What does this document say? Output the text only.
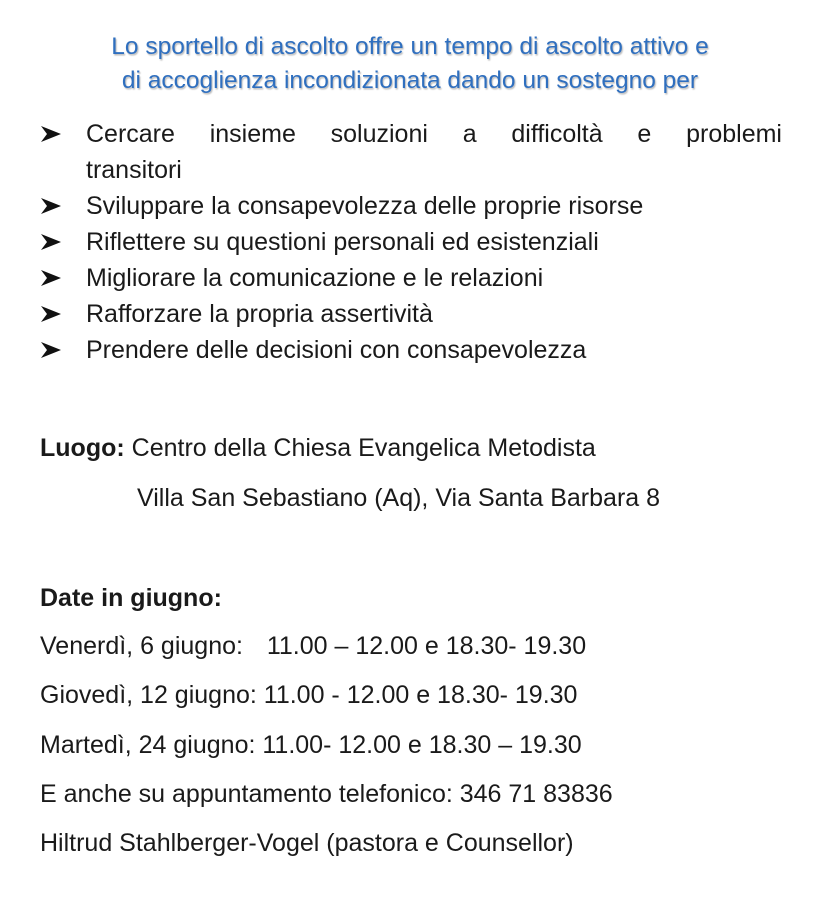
Lo sportello di ascolto offre un tempo di ascolto attivo e
di accoglienza incondizionata dando un sostegno per
Cercare insieme soluzioni a difficoltà e problemi
transitori
Sviluppare la consapevolezza delle proprie risorse
Riflettere su questioni personali ed esistenziali
Migliorare la comunicazione e le relazioni
Rafforzare la propria assertività
Prendere delle decisioni con consapevolezza
Luogo: Centro della Chiesa Evangelica Metodista
Villa San Sebastiano (Aq), Via Santa Barbara 8
Date in giugno:
Venerdì, 6 giugno: 11.00 – 12.00 e 18.30- 19.30
Giovedì, 12 giugno: 11.00 - 12.00 e 18.30- 19.30
Martedì, 24 giugno: 11.00- 12.00 e 18.30 – 19.30
E anche su appuntamento telefonico: 346 71 83836
Hiltrud Stahlberger-Vogel (pastora e Counsellor)
